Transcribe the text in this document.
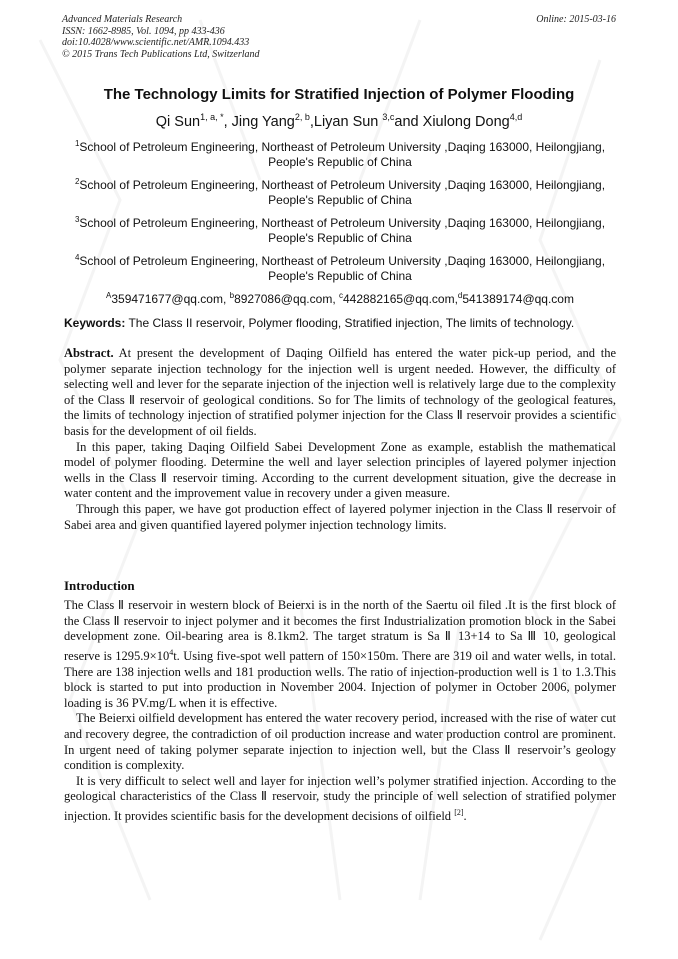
Advanced Materials Research
ISSN: 1662-8985, Vol. 1094, pp 433-436
doi:10.4028/www.scientific.net/AMR.1094.433
© 2015 Trans Tech Publications Ltd, Switzerland
Online: 2015-03-16
The Technology Limits for Stratified Injection of Polymer Flooding
Qi Sun$^{1, a, *}$, Jing Yang$^{2, b}$,Liyan Sun $^{3,c}$and Xiulong Dong$^{4,d}$
$^1$School of Petroleum Engineering, Northeast of Petroleum University ,Daqing 163000, Heilongjiang,
People's Republic of China
$^2$School of Petroleum Engineering, Northeast of Petroleum University ,Daqing 163000, Heilongjiang,
People's Republic of China
$^3$School of Petroleum Engineering, Northeast of Petroleum University ,Daqing 163000, Heilongjiang,
People's Republic of China
$^4$School of Petroleum Engineering, Northeast of Petroleum University ,Daqing 163000, Heilongjiang,
People's Republic of China
$^A$359471677@qq.com, $^b$8927086@qq.com, $^c$442882165@qq.com,$^d$541389174@qq.com
Keywords: The Class II reservoir, Polymer flooding, Stratified injection, The limits of technology.

Abstract. At present the development of Daqing Oilfield has entered the water pick-up period, and the polymer separate injection technology for the injection well is urgent needed. However, the difficulty of selecting well and lever for the separate injection of the injection well is relatively large due to the complexity of the Class Ⅱ reservoir of geological conditions. So for The limits of technology of the geological features, the limits of technology injection of stratified polymer injection for the Class Ⅱ reservoir provides a scientific basis for the development of oil fields.

In this paper, taking Daqing Oilfield Sabei Development Zone as example, establish the mathematical model of polymer flooding. Determine the well and layer selection principles of layered polymer injection wells in the Class Ⅱ reservoir timing. According to the current development situation, give the decrease in water content and the improvement value in recovery under a given measure.

Through this paper, we have got production effect of layered polymer injection in the Class Ⅱ reservoir of Sabei area and given quantified layered polymer injection technology limits.

Introduction

The Class Ⅱ reservoir in western block of Beierxi is in the north of the Saertu oil filed .It is the first block of the Class Ⅱ reservoir to inject polymer and it becomes the first Industrialization promotion block in the Sabei development zone. Oil-bearing area is 8.1km2. The target stratum is Sa Ⅱ 13+14 to Sa Ⅲ 10, geological reserve is $1295.9\times 10^4t$. Using five-spot well pattern of 150×150m. There are 319 oil and water wells, in total. There are 138 injection wells and 181 production wells. The ratio of injection-production well is 1 to 1.3.This block is started to put into production in November 2004. Injection of polymer in October 2006, polymer loading is 36 PV.mg/L when it is effective.

The Beierxi oilfield development has entered the water recovery period, increased with the rise of water cut and recovery degree, the contradiction of oil production increase and water production control are prominent. In urgent need of taking polymer separate injection to injection well, but the Class Ⅱ reservoir’s geology condition is complexity.

It is very difficult to select well and layer for injection well’s polymer stratified injection. According to the geological characteristics of the Class Ⅱ reservoir, study the principle of well selection of stratified polymer injection. It provides scientific basis for the development decisions of oilfield [2].
